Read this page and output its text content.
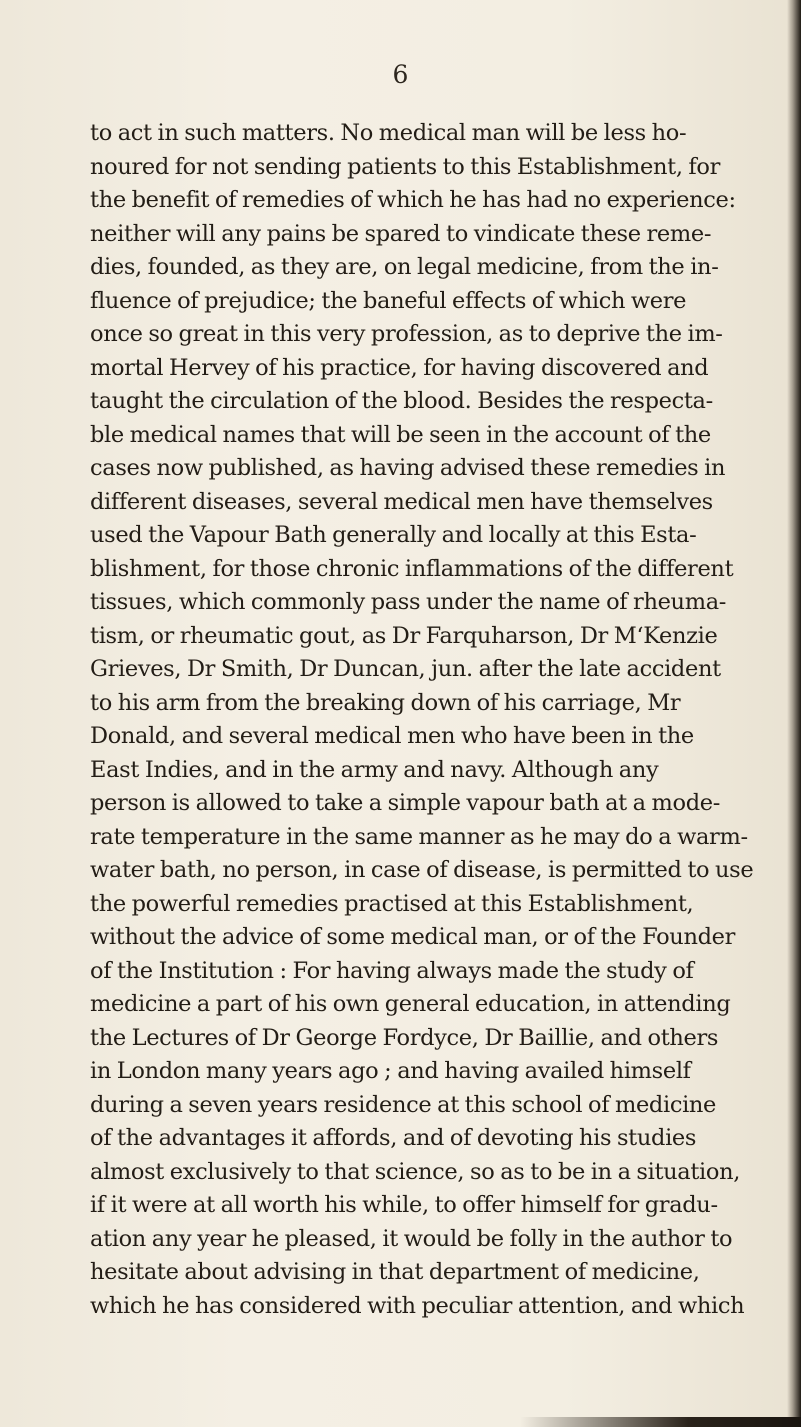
6
to act in such matters. No medical man will be less ho-
noured for not sending patients to this Establishment, for
the benefit of remedies of which he has had no experience:
neither will any pains be spared to vindicate these reme-
dies, founded, as they are, on legal medicine, from the in-
fluence of prejudice; the baneful effects of which were
once so great in this very profession, as to deprive the im-
mortal Hervey of his practice, for having discovered and
taught the circulation of the blood. Besides the respecta-
ble medical names that will be seen in the account of the
cases now published, as having advised these remedies in
different diseases, several medical men have themselves
used the Vapour Bath generally and locally at this Esta-
blishment, for those chronic inflammations of the different
tissues, which commonly pass under the name of rheuma-
tism, or rheumatic gout, as Dr Farquharson, Dr M‘Kenzie
Grieves, Dr Smith, Dr Duncan, jun. after the late accident
to his arm from the breaking down of his carriage, Mr
Donald, and several medical men who have been in the
East Indies, and in the army and navy. Although any
person is allowed to take a simple vapour bath at a mode-
rate temperature in the same manner as he may do a warm-
water bath, no person, in case of disease, is permitted to use
the powerful remedies practised at this Establishment,
without the advice of some medical man, or of the Founder
of the Institution : For having always made the study of
medicine a part of his own general education, in attending
the Lectures of Dr George Fordyce, Dr Baillie, and others
in London many years ago ; and having availed himself
during a seven years residence at this school of medicine
of the advantages it affords, and of devoting his studies
almost exclusively to that science, so as to be in a situation,
if it were at all worth his while, to offer himself for gradu-
ation any year he pleased, it would be folly in the author to
hesitate about advising in that department of medicine,
which he has considered with peculiar attention, and which
